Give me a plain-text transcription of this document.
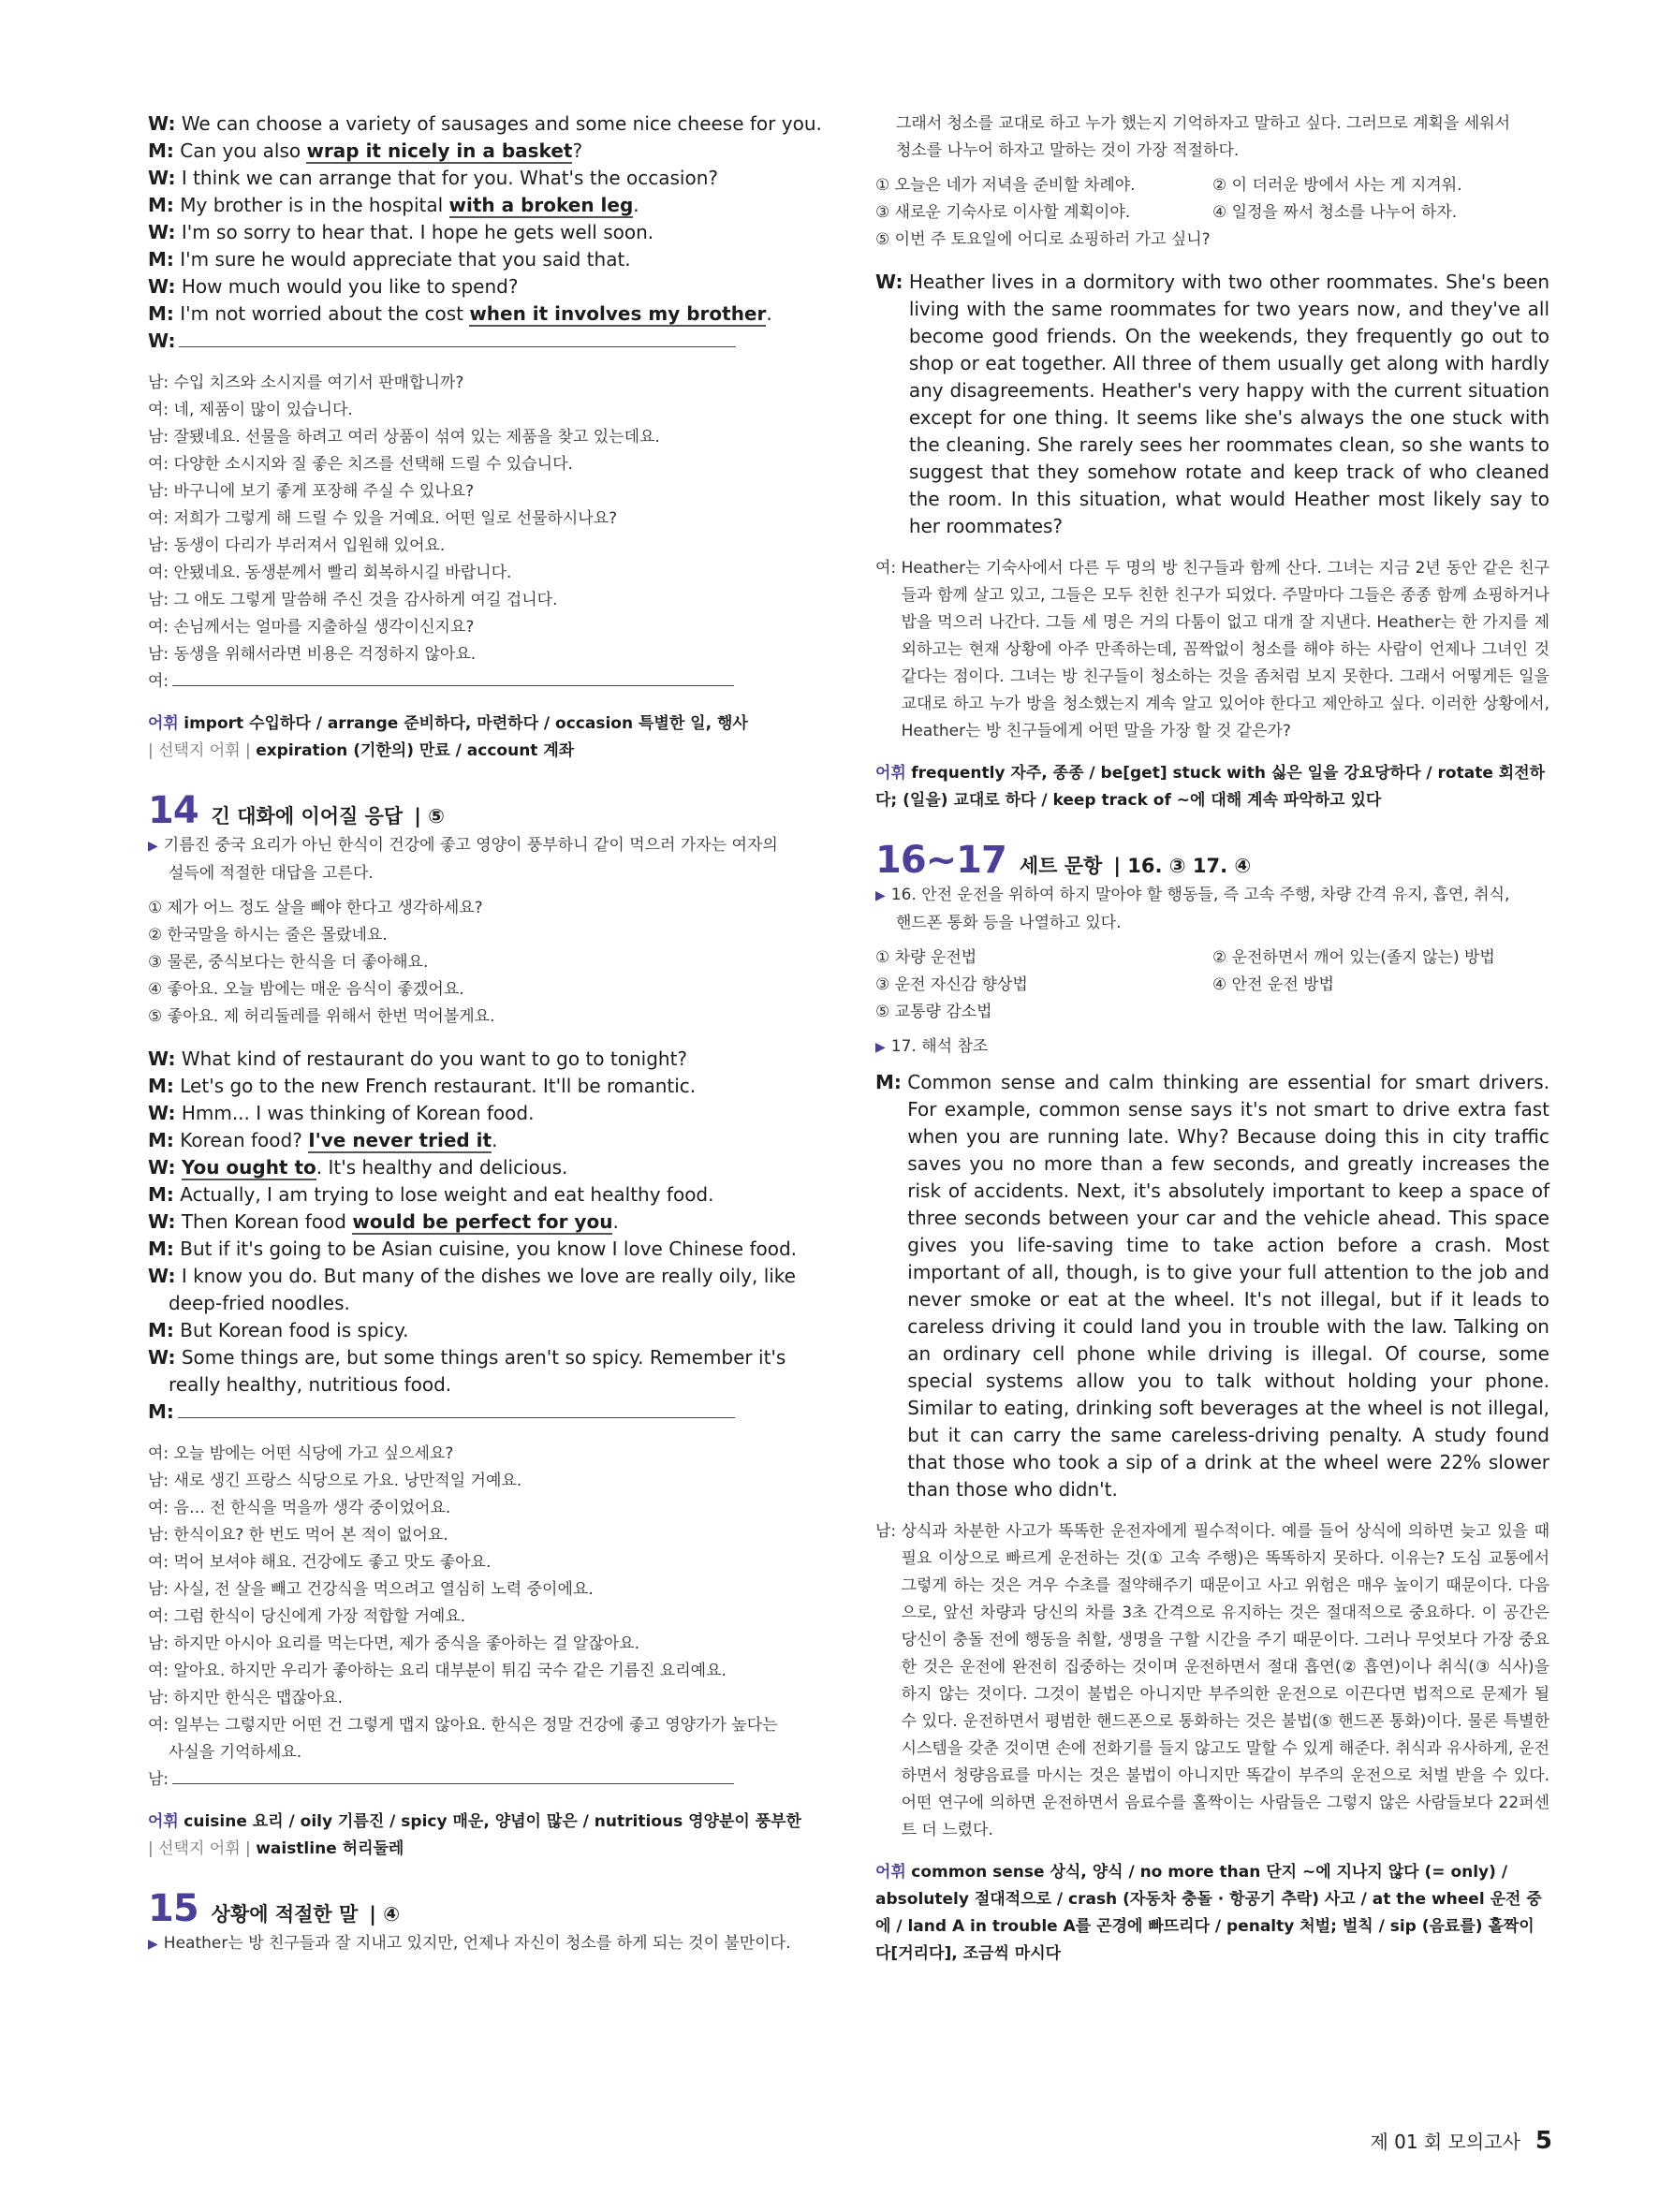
W: We can choose a variety of sausages and some nice cheese for you.
M: Can you also wrap it nicely in a basket?
W: I think we can arrange that for you. What's the occasion?
M: My brother is in the hospital with a broken leg.
W: I'm so sorry to hear that. I hope he gets well soon.
M: I'm sure he would appreciate that you said that.
W: How much would you like to spend?
M: I'm not worried about the cost when it involves my brother.
W:
남: 수입 치즈와 소시지를 여기서 판매합니까?
여: 네, 제품이 많이 있습니다.
남: 잘됐네요. 선물을 하려고 여러 상품이 섞여 있는 제품을 찾고 있는데요.
여: 다양한 소시지와 질 좋은 치즈를 선택해 드릴 수 있습니다.
남: 바구니에 보기 좋게 포장해 주실 수 있나요?
여: 저희가 그렇게 해 드릴 수 있을 거예요. 어떤 일로 선물하시나요?
남: 동생이 다리가 부러져서 입원해 있어요.
여: 안됐네요. 동생분께서 빨리 회복하시길 바랍니다.
남: 그 애도 그렇게 말씀해 주신 것을 감사하게 여길 겁니다.
여: 손님께서는 얼마를 지출하실 생각이신지요?
남: 동생을 위해서라면 비용은 걱정하지 않아요.
여:
어휘 import 수입하다 / arrange 준비하다, 마련하다 / occasion 특별한 일, 행사
| 선택지 어휘 | expiration (기한의) 만료 / account 계좌
14 긴 대화에 이어질 응답 | ⑤
▶ 기름진 중국 요리가 아닌 한식이 건강에 좋고 영양이 풍부하니 같이 먹으러 가자는 여자의
설득에 적절한 대답을 고른다.
① 제가 어느 정도 살을 빼야 한다고 생각하세요?
② 한국말을 하시는 줄은 몰랐네요.
③ 물론, 중식보다는 한식을 더 좋아해요.
④ 좋아요. 오늘 밤에는 매운 음식이 좋겠어요.
⑤ 좋아요. 제 허리둘레를 위해서 한번 먹어볼게요.
W: What kind of restaurant do you want to go to tonight?
M: Let's go to the new French restaurant. It'll be romantic.
W: Hmm... I was thinking of Korean food.
M: Korean food? I've never tried it.
W: You ought to. It's healthy and delicious.
M: Actually, I am trying to lose weight and eat healthy food.
W: Then Korean food would be perfect for you.
M: But if it's going to be Asian cuisine, you know I love Chinese food.
W: I know you do. But many of the dishes we love are really oily, like
deep-fried noodles.
M: But Korean food is spicy.
W: Some things are, but some things aren't so spicy. Remember it's
really healthy, nutritious food.
M:
여: 오늘 밤에는 어떤 식당에 가고 싶으세요?
남: 새로 생긴 프랑스 식당으로 가요. 낭만적일 거예요.
여: 음… 전 한식을 먹을까 생각 중이었어요.
남: 한식이요? 한 번도 먹어 본 적이 없어요.
여: 먹어 보셔야 해요. 건강에도 좋고 맛도 좋아요.
남: 사실, 전 살을 빼고 건강식을 먹으려고 열심히 노력 중이에요.
여: 그럼 한식이 당신에게 가장 적합할 거예요.
남: 하지만 아시아 요리를 먹는다면, 제가 중식을 좋아하는 걸 알잖아요.
여: 알아요. 하지만 우리가 좋아하는 요리 대부분이 튀김 국수 같은 기름진 요리예요.
남: 하지만 한식은 맵잖아요.
여: 일부는 그렇지만 어떤 건 그렇게 맵지 않아요. 한식은 정말 건강에 좋고 영양가가 높다는
사실을 기억하세요.
남:
어휘 cuisine 요리 / oily 기름진 / spicy 매운, 양념이 많은 / nutritious 영양분이 풍부한
| 선택지 어휘 | waistline 허리둘레
15 상황에 적절한 말 | ④
▶ Heather는 방 친구들과 잘 지내고 있지만, 언제나 자신이 청소를 하게 되는 것이 불만이다.
그래서 청소를 교대로 하고 누가 했는지 기억하자고 말하고 싶다. 그러므로 계획을 세워서
청소를 나누어 하자고 말하는 것이 가장 적절하다.
① 오늘은 네가 저녁을 준비할 차례야.	② 이 더러운 방에서 사는 게 지겨워.
③ 새로운 기숙사로 이사할 계획이야.	④ 일정을 짜서 청소를 나누어 하자.
⑤ 이번 주 토요일에 어디로 쇼핑하러 가고 싶니?
W:
Heather lives in a dormitory with two other roommates. She's been living with the same roommates for two years now, and they've all become good friends. On the weekends, they frequently go out to shop or eat together. All three of them usually get along with hardly any disagreements. Heather's very happy with the current situation except for one thing. It seems like she's always the one stuck with the cleaning. She rarely sees her roommates clean, so she wants to suggest that they somehow rotate and keep track of who cleaned the room. In this situation, what would Heather most likely say to her roommates?
여:
Heather는 기숙사에서 다른 두 명의 방 친구들과 함께 산다. 그녀는 지금 2년 동안 같은 친구들과 함께 살고 있고, 그들은 모두 친한 친구가 되었다. 주말마다 그들은 종종 함께 쇼핑하거나 밥을 먹으러 나간다. 그들 세 명은 거의 다툼이 없고 대개 잘 지낸다. Heather는 한 가지를 제외하고는 현재 상황에 아주 만족하는데, 꼼짝없이 청소를 해야 하는 사람이 언제나 그녀인 것 같다는 점이다. 그녀는 방 친구들이 청소하는 것을 좀처럼 보지 못한다. 그래서 어떻게든 일을 교대로 하고 누가 방을 청소했는지 계속 알고 있어야 한다고 제안하고 싶다. 이러한 상황에서, Heather는 방 친구들에게 어떤 말을 가장 할 것 같은가?
어휘 frequently 자주, 종종 / be[get] stuck with 싫은 일을 강요당하다 / rotate 회전하다; (일을) 교대로 하다 / keep track of ~에 대해 계속 파악하고 있다
16~17 세트 문항 | 16. ③ 17. ④
▶ 16. 안전 운전을 위하여 하지 말아야 할 행동들, 즉 고속 주행, 차량 간격 유지, 흡연, 취식,
핸드폰 통화 등을 나열하고 있다.
① 차량 운전법	② 운전하면서 깨어 있는(졸지 않는) 방법
③ 운전 자신감 향상법	④ 안전 운전 방법
⑤ 교통량 감소법
▶ 17. 해석 참조
M:
Common sense and calm thinking are essential for smart drivers. For example, common sense says it's not smart to drive extra fast when you are running late. Why? Because doing this in city traffic saves you no more than a few seconds, and greatly increases the risk of accidents. Next, it's absolutely important to keep a space of three seconds between your car and the vehicle ahead. This space gives you life-saving time to take action before a crash. Most important of all, though, is to give your full attention to the job and never smoke or eat at the wheel. It's not illegal, but if it leads to careless driving it could land you in trouble with the law. Talking on an ordinary cell phone while driving is illegal. Of course, some special systems allow you to talk without holding your phone. Similar to eating, drinking soft beverages at the wheel is not illegal, but it can carry the same careless-driving penalty. A study found that those who took a sip of a drink at the wheel were 22% slower than those who didn't.
남:
상식과 차분한 사고가 똑똑한 운전자에게 필수적이다. 예를 들어 상식에 의하면 늦고 있을 때 필요 이상으로 빠르게 운전하는 것(① 고속 주행)은 똑똑하지 못하다. 이유는? 도심 교통에서 그렇게 하는 것은 겨우 수초를 절약해주기 때문이고 사고 위험은 매우 높이기 때문이다. 다음으로, 앞선 차량과 당신의 차를 3초 간격으로 유지하는 것은 절대적으로 중요하다. 이 공간은 당신이 충돌 전에 행동을 취할, 생명을 구할 시간을 주기 때문이다. 그러나 무엇보다 가장 중요한 것은 운전에 완전히 집중하는 것이며 운전하면서 절대 흡연(② 흡연)이나 취식(③ 식사)을 하지 않는 것이다. 그것이 불법은 아니지만 부주의한 운전으로 이끈다면 법적으로 문제가 될 수 있다. 운전하면서 평범한 핸드폰으로 통화하는 것은 불법(⑤ 핸드폰 통화)이다. 물론 특별한 시스템을 갖춘 것이면 손에 전화기를 들지 않고도 말할 수 있게 해준다. 취식과 유사하게, 운전하면서 청량음료를 마시는 것은 불법이 아니지만 똑같이 부주의 운전으로 처벌 받을 수 있다. 어떤 연구에 의하면 운전하면서 음료수를 홀짝이는 사람들은 그렇지 않은 사람들보다 22퍼센트 더 느렸다.
어휘 common sense 상식, 양식 / no more than 단지 ~에 지나지 않다 (= only) / absolutely 절대적으로 / crash (자동차 충돌 · 항공기 추락) 사고 / at the wheel 운전 중에 / land A in trouble A를 곤경에 빠뜨리다 / penalty 처벌; 벌칙 / sip (음료를) 홀짝이다[거리다], 조금씩 마시다
제 01 회 모의고사 5
